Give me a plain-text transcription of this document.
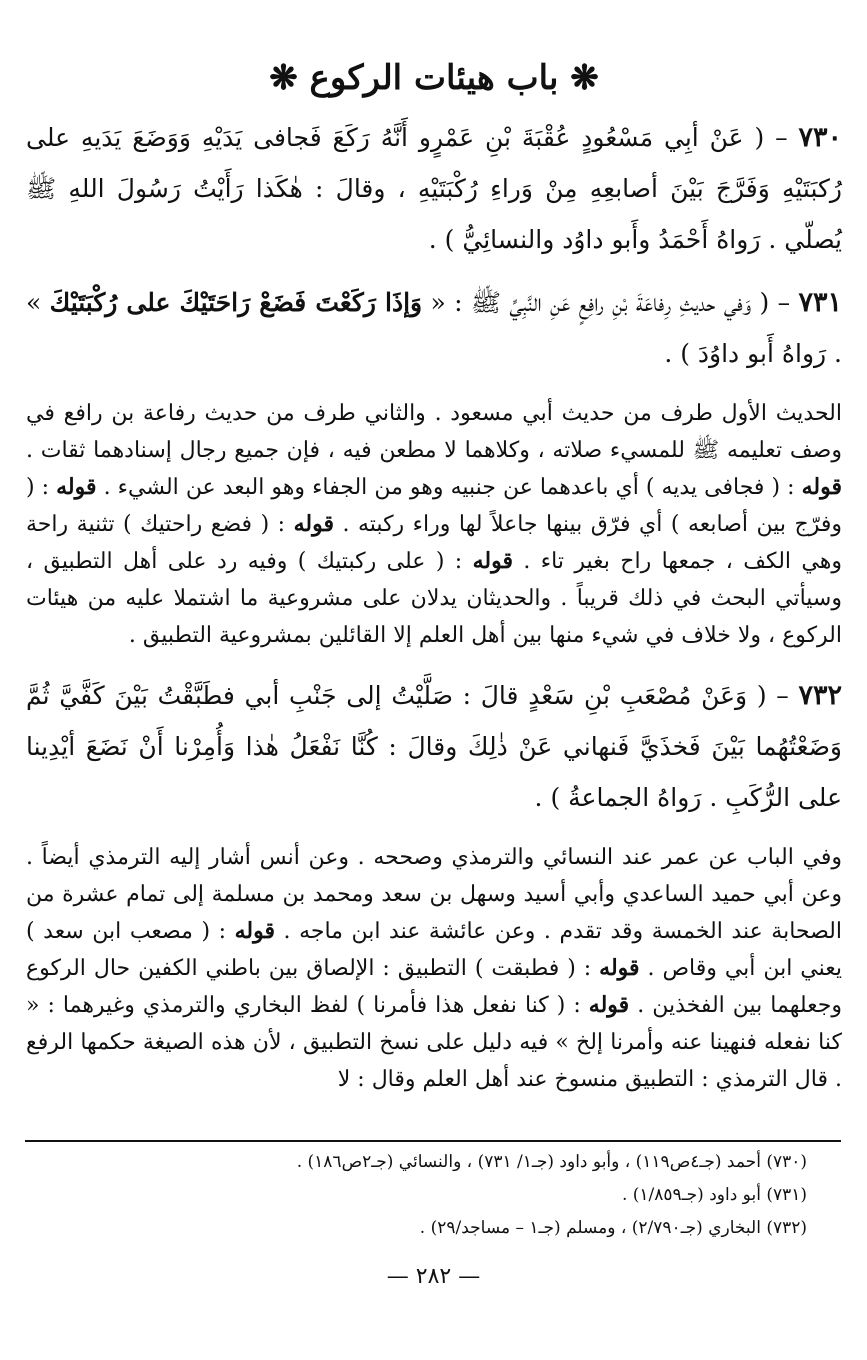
❋ باب هيئات الركوع ❋

٧٣٠ – ( عَنْ أبِي مَسْعُودٍ عُقْبَةَ بْنِ عَمْرٍو أَنَّهُ رَكَعَ فَجافى يَدَيْهِ وَوَضَعَ يَدَيهِ على رُكبَتَيْهِ وَفَرَّجَ بَيْنَ أصابعِهِ مِنْ وَراءِ رُكْبَتَيْهِ ، وقالَ : هٰكَذا رَأَيْتُ رَسُولَ اللهِ ﷺ يُصلّي . رَواهُ أَحْمَدُ وأَبو داوُد والنسائِيُّ ) .

٧٣١ – ( وَفي حديثِ رِفاعَةَ بْنِ رافِعٍ عَنِ النَّبِيِّ ﷺ : « وَإذَا رَكَعْتَ فَضَعْ رَاحَتَيْكَ على رُكْبَتَيْكَ » . رَواهُ أَبو داوُدَ ) .

الحديث الأول طرف من حديث أبي مسعود . والثاني طرف من حديث رفاعة بن رافع في وصف تعليمه ﷺ للمسيء صلاته ، وكلاهما لا مطعن فيه ، فإن جميع رجال إسنادهما ثقات . قوله : ( فجافى يديه ) أي باعدهما عن جنبيه وهو من الجفاء وهو البعد عن الشيء . قوله : ( وفرّج بين أصابعه ) أي فرّق بينها جاعلاً لها وراء ركبته . قوله : ( فضع راحتيك ) تثنية راحة وهي الكف ، جمعها راح بغير تاء . قوله : ( على ركبتيك ) وفيه رد على أهل التطبيق ، وسيأتي البحث في ذلك قريباً . والحديثان يدلان على مشروعية ما اشتملا عليه من هيئات الركوع ، ولا خلاف في شيء منها بين أهل العلم إلا القائلين بمشروعية التطبيق .

٧٣٢ – ( وَعَنْ مُصْعَبِ بْنِ سَعْدٍ قالَ : صَلَّيْتُ إلى جَنْبِ أبي فطَبَّقْتُ بَيْنَ كَفَّيَّ ثُمَّ وَضَعْتُهُما بَيْنَ فَخذَيَّ فَنهاني عَنْ ذٰلِكَ وقالَ : كُنَّا نَفْعَلُ هٰذا وَأُمِرْنا أَنْ نَضَعَ أيْدِينا على الرُّكَبِ . رَواهُ الجماعةُ ) .

وفي الباب عن عمر عند النسائي والترمذي وصححه . وعن أنس أشار إليه الترمذي أيضاً . وعن أبي حميد الساعدي وأبي أسيد وسهل بن سعد ومحمد بن مسلمة إلى تمام عشرة من الصحابة عند الخمسة وقد تقدم . وعن عائشة عند ابن ماجه . قوله : ( مصعب ابن سعد ) يعني ابن أبي وقاص . قوله : ( فطبقت ) التطبيق : الإلصاق بين باطني الكفين حال الركوع وجعلهما بين الفخذين . قوله : ( كنا نفعل هذا فأمرنا ) لفظ البخاري والترمذي وغيرهما : « كنا نفعله فنهينا عنه وأمرنا إلخ » فيه دليل على نسخ التطبيق ، لأن هذه الصيغة حكمها الرفع . قال الترمذي : التطبيق منسوخ عند أهل العلم وقال : لا

(٧٣٠) أحمد (جـ٤ص١١٩) ، وأبو داود (جـ١/ ٧٣١) ، والنسائي (جـ٢ص١٨٦) .
(٧٣١) أبو داود (جـ١/٨٥٩) .
(٧٣٢) البخاري (جـ٢/٧٩٠) ، ومسلم (جـ١ – مساجد/٢٩) .
— ٢٨٢ —
